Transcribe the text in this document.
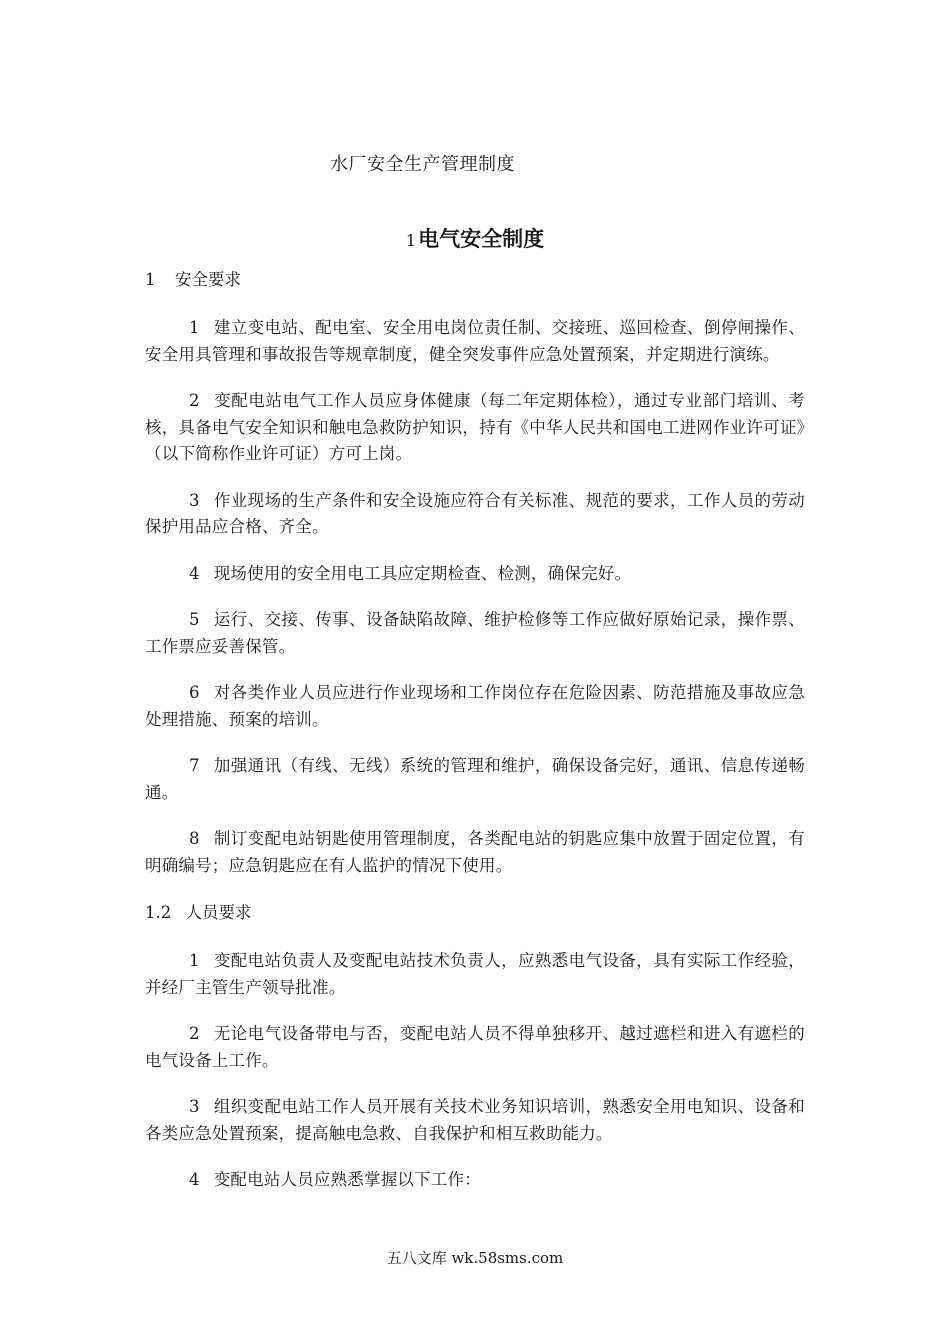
水厂安全生产管理制度
1电气安全制度

1 安全要求

1 建立变电站、配电室、安全用电岗位责任制、交接班、巡回检查、倒停闸操作、安全用具管理和事故报告等规章制度，健全突发事件应急处置预案，并定期进行演练。

2 变配电站电气工作人员应身体健康（每二年定期体检），通过专业部门培训、考核，具备电气安全知识和触电急救防护知识，持有《中华人民共和国电工进网作业许可证》（以下简称作业许可证）方可上岗。

3 作业现场的生产条件和安全设施应符合有关标准、规范的要求，工作人员的劳动保护用品应合格、齐全。

4 现场使用的安全用电工具应定期检查、检测，确保完好。

5 运行、交接、传事、设备缺陷故障、维护检修等工作应做好原始记录，操作票、工作票应妥善保管。

6 对各类作业人员应进行作业现场和工作岗位存在危险因素、防范措施及事故应急处理措施、预案的培训。

7 加强通讯（有线、无线）系统的管理和维护，确保设备完好，通讯、信息传递畅通。

8 制订变配电站钥匙使用管理制度，各类配电站的钥匙应集中放置于固定位置，有明确编号；应急钥匙应在有人监护的情况下使用。

1.2 人员要求

1 变配电站负责人及变配电站技术负责人，应熟悉电气设备，具有实际工作经验，并经厂主管生产领导批准。

2 无论电气设备带电与否，变配电站人员不得单独移开、越过遮栏和进入有遮栏的电气设备上工作。

3 组织变配电站工作人员开展有关技术业务知识培训，熟悉安全用电知识、设备和各类应急处置预案，提高触电急救、自我保护和相互救助能力。

4 变配电站人员应熟悉掌握以下工作：

五八文库 wk.58sms.com
